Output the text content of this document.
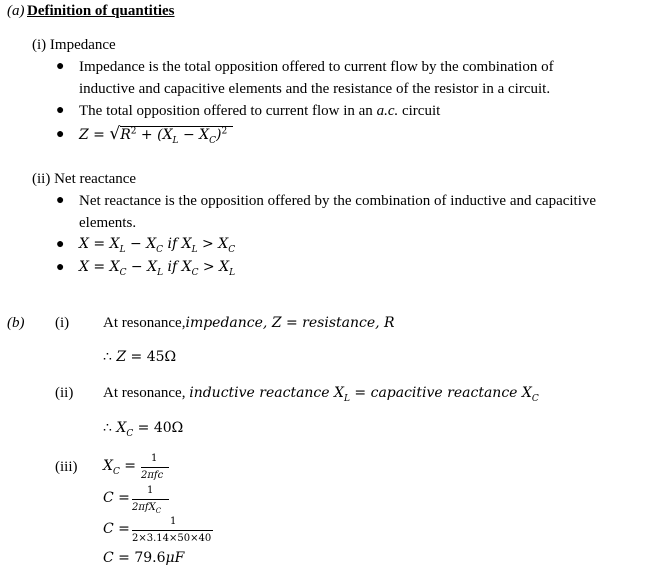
(a) Definition of quantities
(i) Impedance
● Impedance is the total opposition offered to current flow by the combination of
inductive and capacitive elements and the resistance of the resistor in a circuit.
● The total opposition offered to current flow in an a.c. circuit
● $Z = √R^2 + (X_L - X_C)^2$
(ii) Net reactance
● Net reactance is the opposition offered by the combination of inductive and capacitive
elements.
● $X = X_L - X_C$ if $X_L > X_C$
● $X = X_C - X_L$ if $X_C > X_L$
(b) (i) At resonance,impedance, Z = resistance, R
∴ Z = 45Ω
(ii) At resonance, inductive reactance $X_L$ = capacitive reactance $X_C$
∴ $X_C = 40\Omega$
(iii) $X_C = 1$
2πfc
C = 1
2πfX$_C$
C =	1
2×3.14×50×40
C = 79.6μF
